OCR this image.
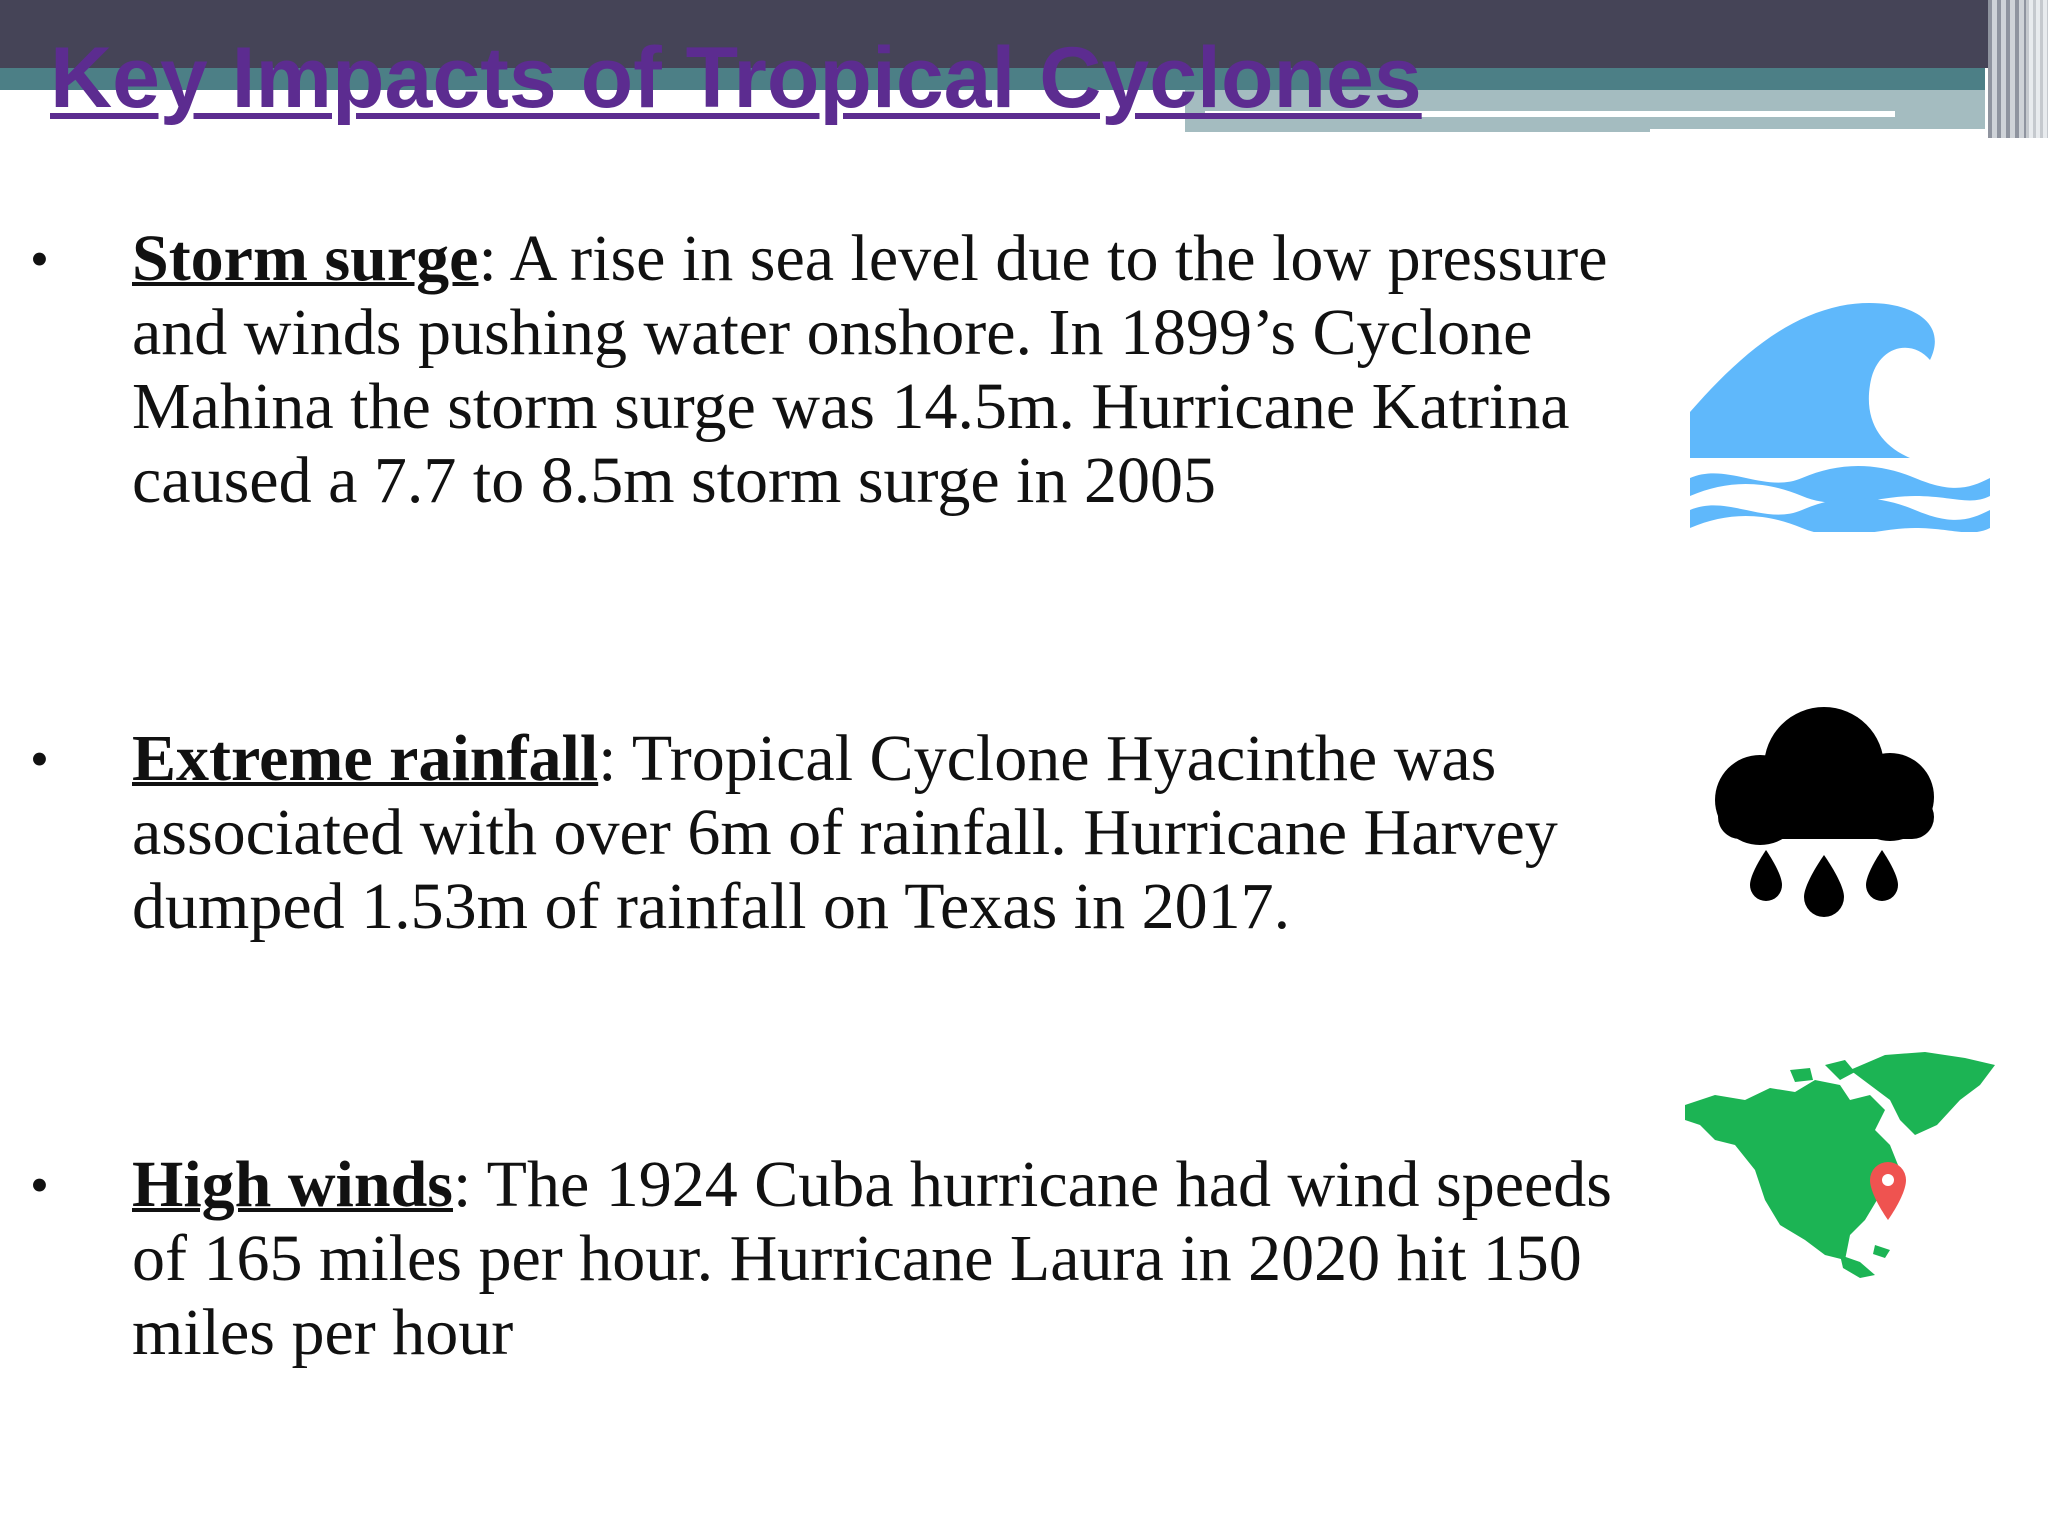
Key Impacts of Tropical Cyclones
• Storm surge: A rise in sea level due to the low pressure and winds pushing water onshore. In 1899’s Cyclone Mahina the storm surge was 14.5m. Hurricane Katrina caused a 7.7 to 8.5m storm surge in 2005

• Extreme rainfall: Tropical Cyclone Hyacinthe was associated with over 6m of rainfall. Hurricane Harvey dumped 1.53m of rainfall on Texas in 2017.

• High winds: The 1924 Cuba hurricane had wind speeds of 165 miles per hour. Hurricane Laura in 2020 hit 150 miles per hour
